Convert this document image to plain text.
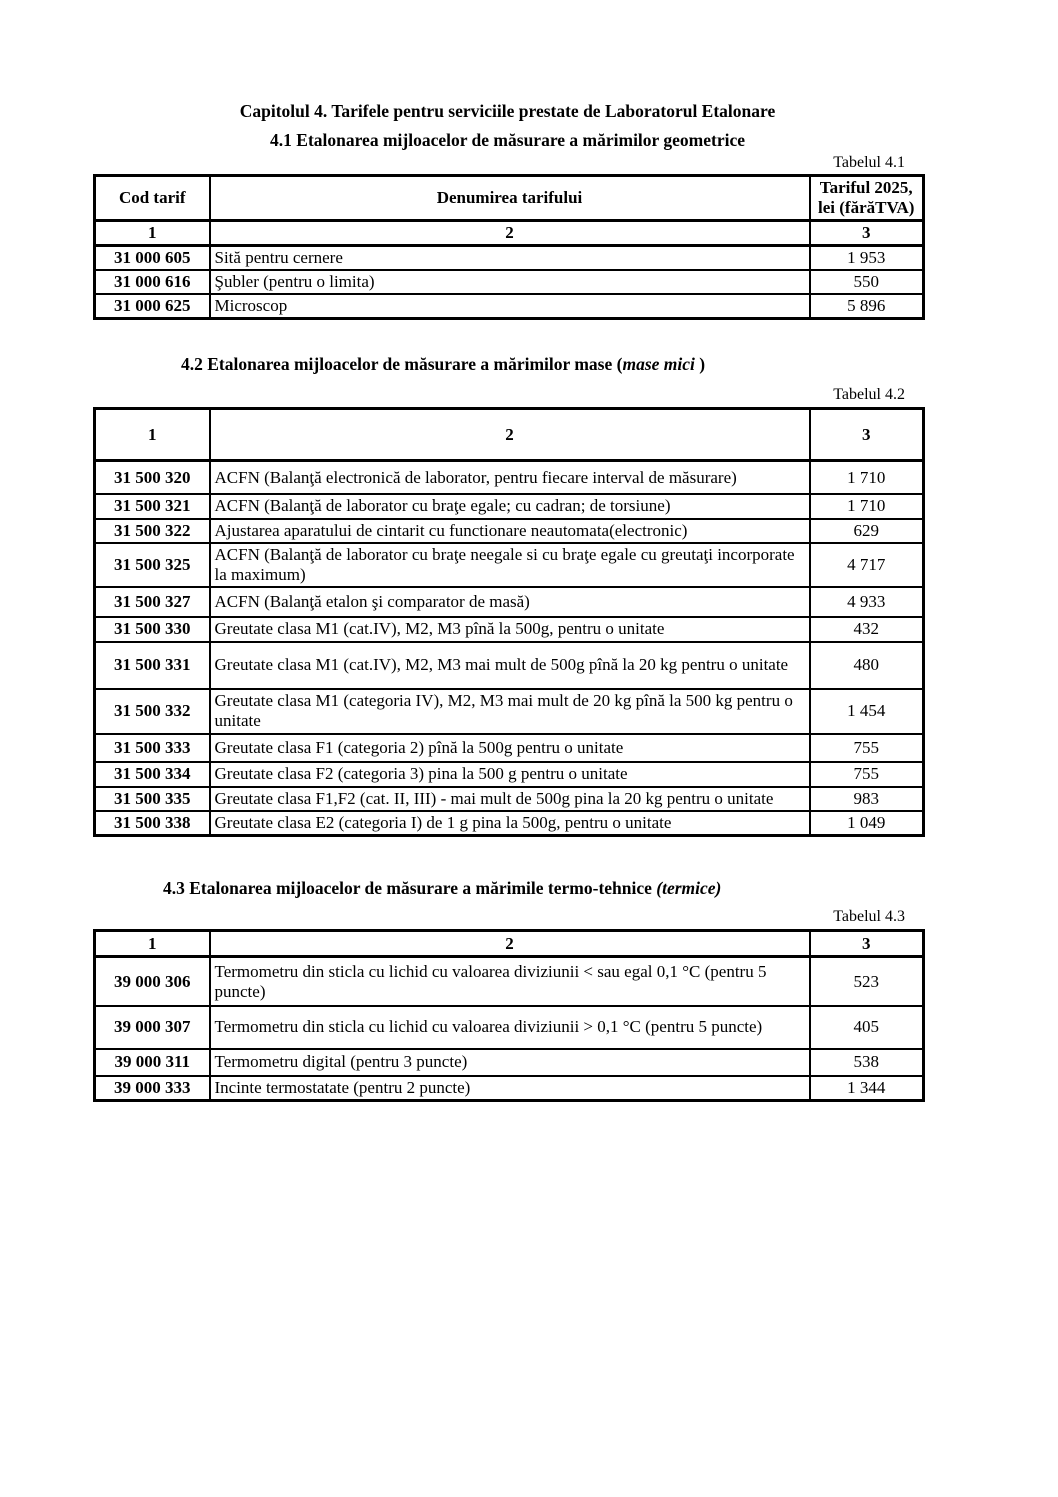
Capitolul 4. Tarifele pentru serviciile prestate de Laboratorul Etalonare
4.1 Etalonarea mijloacelor de măsurare a mărimilor geometrice
Tabelul 4.1
Cod tarif	Denumirea tarifului	Tariful 2025, lei (fărăTVA)
1	2	3
31 000 605	Sită pentru cernere	1 953
31 000 616	Şubler (pentru o limita)	550
31 000 625	Microscop	5 896
4.2 Etalonarea mijloacelor de măsurare a mărimilor mase (mase mici )
Tabelul 4.2
1	2	3
31 500 320	ACFN (Balanţă electronică de laborator, pentru fiecare interval de măsurare)	1 710
31 500 321	ACFN (Balanţă de laborator cu braţe egale; cu cadran; de torsiune)	1 710
31 500 322	Ajustarea aparatului de cintarit cu functionare neautomata(electronic)	629
31 500 325	ACFN (Balanţă de laborator cu braţe neegale si cu braţe egale cu greutaţi incorporate la maximum)	4 717
31 500 327	ACFN (Balanţă etalon şi comparator de masă)	4 933
31 500 330	Greutate clasa M1 (cat.IV), M2, M3 pînă la 500g, pentru o unitate	432
31 500 331	Greutate clasa M1 (cat.IV), M2, M3 mai mult de 500g pînă la 20 kg pentru o unitate	480
31 500 332	Greutate clasa M1 (categoria IV), M2, M3 mai mult de 20 kg pînă la 500 kg pentru o unitate	1 454
31 500 333	Greutate clasa F1 (categoria 2) pînă la 500g pentru o unitate	755
31 500 334	Greutate clasa F2 (categoria 3) pina la 500 g pentru o unitate	755
31 500 335	Greutate clasa F1,F2 (cat. II, III) - mai mult de 500g pina la 20 kg pentru o unitate	983
31 500 338	Greutate clasa E2 (categoria I) de 1 g pina la 500g, pentru o unitate	1 049
4.3 Etalonarea mijloacelor de măsurare a mărimile termo-tehnice (termice)
Tabelul 4.3
1	2	3
39 000 306	Termometru din sticla cu lichid cu valoarea diviziunii < sau egal 0,1 °C (pentru 5 puncte)	523
39 000 307	Termometru din sticla cu lichid cu valoarea diviziunii > 0,1 °C (pentru 5 puncte)	405
39 000 311	Termometru digital (pentru 3 puncte)	538
39 000 333	Incinte termostatate (pentru 2 puncte)	1 344
